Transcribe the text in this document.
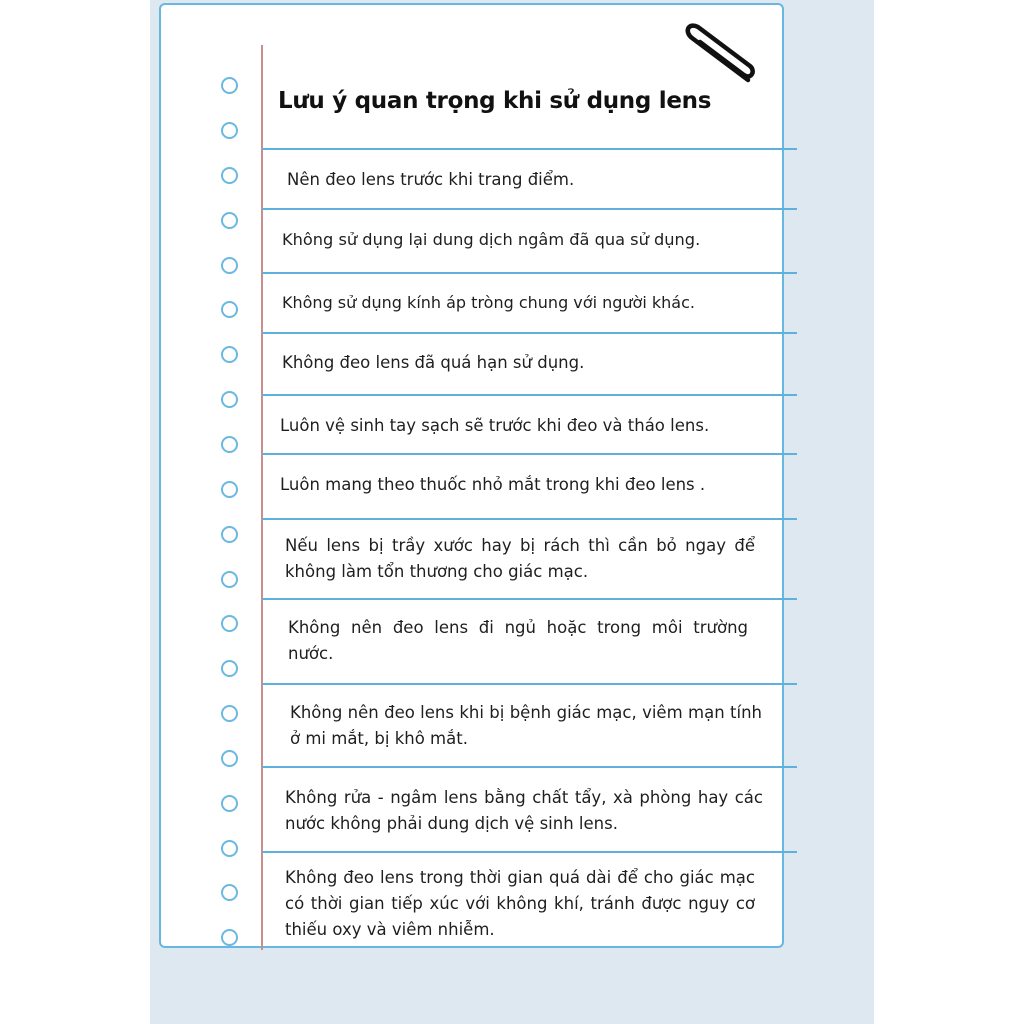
Lưu ý quan trọng khi sử dụng lens

Nên đeo lens trước khi trang điểm.

Không sử dụng lại dung dịch ngâm đã qua sử dụng.

Không sử dụng kính áp tròng chung với người khác.

Không đeo lens đã quá hạn sử dụng.

Luôn vệ sinh tay sạch sẽ trước khi đeo và tháo lens.

Luôn mang theo thuốc nhỏ mắt trong khi đeo lens .

Nếu lens bị trầy xước hay bị rách thì cần bỏ ngay để không làm tổn thương cho giác mạc.

Không nên đeo lens đi ngủ hoặc trong môi trường nước.

Không nên đeo lens khi bị bệnh giác mạc, viêm mạn tính ở mi mắt, bị khô mắt.

Không rửa - ngâm lens bằng chất tẩy, xà phòng hay các nước không phải dung dịch vệ sinh lens.

Không đeo lens trong thời gian quá dài để cho giác mạc có thời gian tiếp xúc với không khí, tránh được nguy cơ thiếu oxy và viêm nhiễm.
